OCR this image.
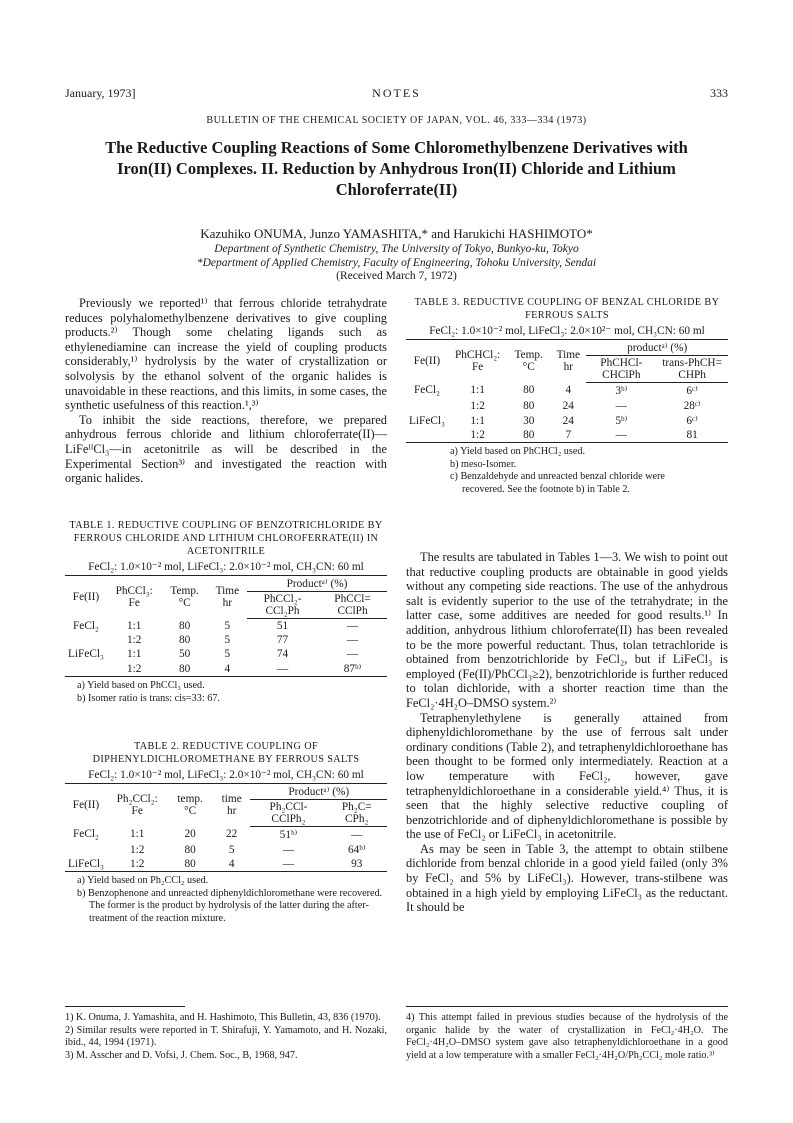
January, 1973]	NOTES	333
BULLETIN OF THE CHEMICAL SOCIETY OF JAPAN, VOL. 46, 333—334 (1973)
The Reductive Coupling Reactions of Some Chloromethylbenzene Derivatives with Iron(II) Complexes. II. Reduction by Anhydrous Iron(II) Chloride and Lithium Chloroferrate(II)
Kazuhiko ONUMA, Junzo YAMASHITA,* and Harukichi HASHIMOTO*
Department of Synthetic Chemistry, The University of Tokyo, Bunkyo-ku, Tokyo
*Department of Applied Chemistry, Faculty of Engineering, Tohoku University, Sendai
(Received March 7, 1972)

Previously we reported¹⁾ that ferrous chloride tetrahydrate reduces polyhalomethylbenzene derivatives to give coupling products.²⁾ Though some chelating ligands such as ethylenediamine can increase the yield of coupling products considerably,¹⁾ hydrolysis by the water of crystallization or solvolysis by the ethanol solvent of the organic halides is unavoidable in these reactions, and this limits, in some cases, the synthetic usefulness of this reaction.¹,³⁾

To inhibit the side reactions, therefore, we prepared anhydrous ferrous chloride and lithium chloroferrate(II)—LiFeᴵᴵCl₃—in acetonitrile as will be described in the Experimental Section³⁾ and investigated the reaction with organic halides.

TABLE 1. REDUCTIVE COUPLING OF BENZOTRICHLORIDE BY FERROUS CHLORIDE AND LITHIUM CHLOROFERRATE(II) IN ACETONITRILE
FeCl₂: 1.0×10⁻² mol, LiFeCl₃: 2.0×10⁻² mol, CH₃CN: 60 ml
Fe(II)	PhCCl₃: Fe	Temp. °C	Time hr	Productᵃ⁾ (%)	
				PhCCl₂-CCl₂Ph	PhCCl= CClPh
FeCl₂	1:1	80	5	51	—
	1:2	80	5	77	—
LiFeCl₃	1:1	50	5	74	—
	1:2	80	4	—	87ᵇ⁾
a) Yield based on PhCCl₃ used.
b) Isomer ratio is trans: cis=33: 67.
TABLE 2. REDUCTIVE COUPLING OF DIPHENYLDICHLOROMETHANE BY FERROUS SALTS
FeCl₂: 1.0×10⁻² mol, LiFeCl₃: 2.0×10⁻² mol, CH₃CN: 60 ml
Fe(II)	Ph₂CCl₂: Fe	temp. °C	time hr	Productᵃ⁾ (%)	
				Ph₂CCl-CClPh₂	Ph₂C= CPh₂
FeCl₂	1:1	20	22	51ᵇ⁾	—
	1:2	80	5	—	64ᵇ⁾
LiFeCl₃	1:2	80	4	—	93
a) Yield based on Ph₂CCl₂ used.
b) Benzophenone and unreacted diphenyldichloromethane were recovered. The former is the product by hydrolysis of the latter during the after-treatment of the reaction mixture.
1) K. Onuma, J. Yamashita, and H. Hashimoto, This Bulletin, 43, 836 (1970).
2) Similar results were reported in T. Shirafuji, Y. Yamamoto, and H. Nozaki, ibid., 44, 1994 (1971).
3) M. Asscher and D. Vofsi, J. Chem. Soc., B, 1968, 947.
TABLE 3. REDUCTIVE COUPLING OF BENZAL CHLORIDE BY FERROUS SALTS
FeCl₂: 1.0×10⁻² mol, LiFeCl₃: 2.0×10²⁻ mol, CH₃CN: 60 ml
Fe(II)	PhCHCl₂: Fe	Temp. °C	Time hr	productᵃ⁾ (%)	
				PhCHCl-CHClPh	trans-PhCH= CHPh
FeCl₂	1:1	80	4	3ᵇ⁾	6ᶜ⁾
	1:2	80	24	—	28ᶜ⁾
LiFeCl₃	1:1	30	24	5ᵇ⁾	6ᶜ⁾
	1:2	80	7	—	81
a) Yield based on PhCHCl₂ used.
b) meso-Isomer.
c) Benzaldehyde and unreacted benzal chloride were recovered. See the footnote b) in Table 2.

The results are tabulated in Tables 1—3. We wish to point out that reductive coupling products are obtainable in good yields without any competing side reactions. The use of the anhydrous salt is evidently superior to the use of the tetrahydrate; in the latter case, some additives are needed for good results.¹⁾ In addition, anhydrous lithium chloroferrate(II) has been revealed to be the more powerful reductant. Thus, tolan tetrachloride is obtained from benzotrichloride by FeCl₂, but if LiFeCl₃ is employed (Fe(II)/PhCCl₃≥2), benzotrichloride is further reduced to tolan dichloride, with a shorter reaction time than the FeCl₂·4H₂O–DMSO system.²⁾

Tetraphenylethylene is generally attained from diphenyldichloromethane by the use of ferrous salt under ordinary conditions (Table 2), and tetraphenyldichloroethane has been thought to be formed only intermediately. Reaction at a low temperature with FeCl₂, however, gave tetraphenyldichloroethane in a considerable yield.⁴⁾ Thus, it is seen that the highly selective reductive coupling of benzotrichloride and of diphenyldichloromethane is possible by the use of FeCl₂ or LiFeCl₃ in acetonitrile.

As may be seen in Table 3, the attempt to obtain stilbene dichloride from benzal chloride in a good yield failed (only 3% by FeCl₂ and 5% by LiFeCl₃). However, trans-stilbene was obtained in a high yield by employing LiFeCl₃ as the reductant. It should be

4) This attempt failed in previous studies because of the hydrolysis of the organic halide by the water of crystallization in FeCl₂·4H₂O. The FeCl₂·4H₂O–DMSO system gave also tetraphenyldichloroethane in a good yield at a low temperature with a smaller FeCl₂·4H₂O/Ph₂CCl₂ mole ratio.³⁾
